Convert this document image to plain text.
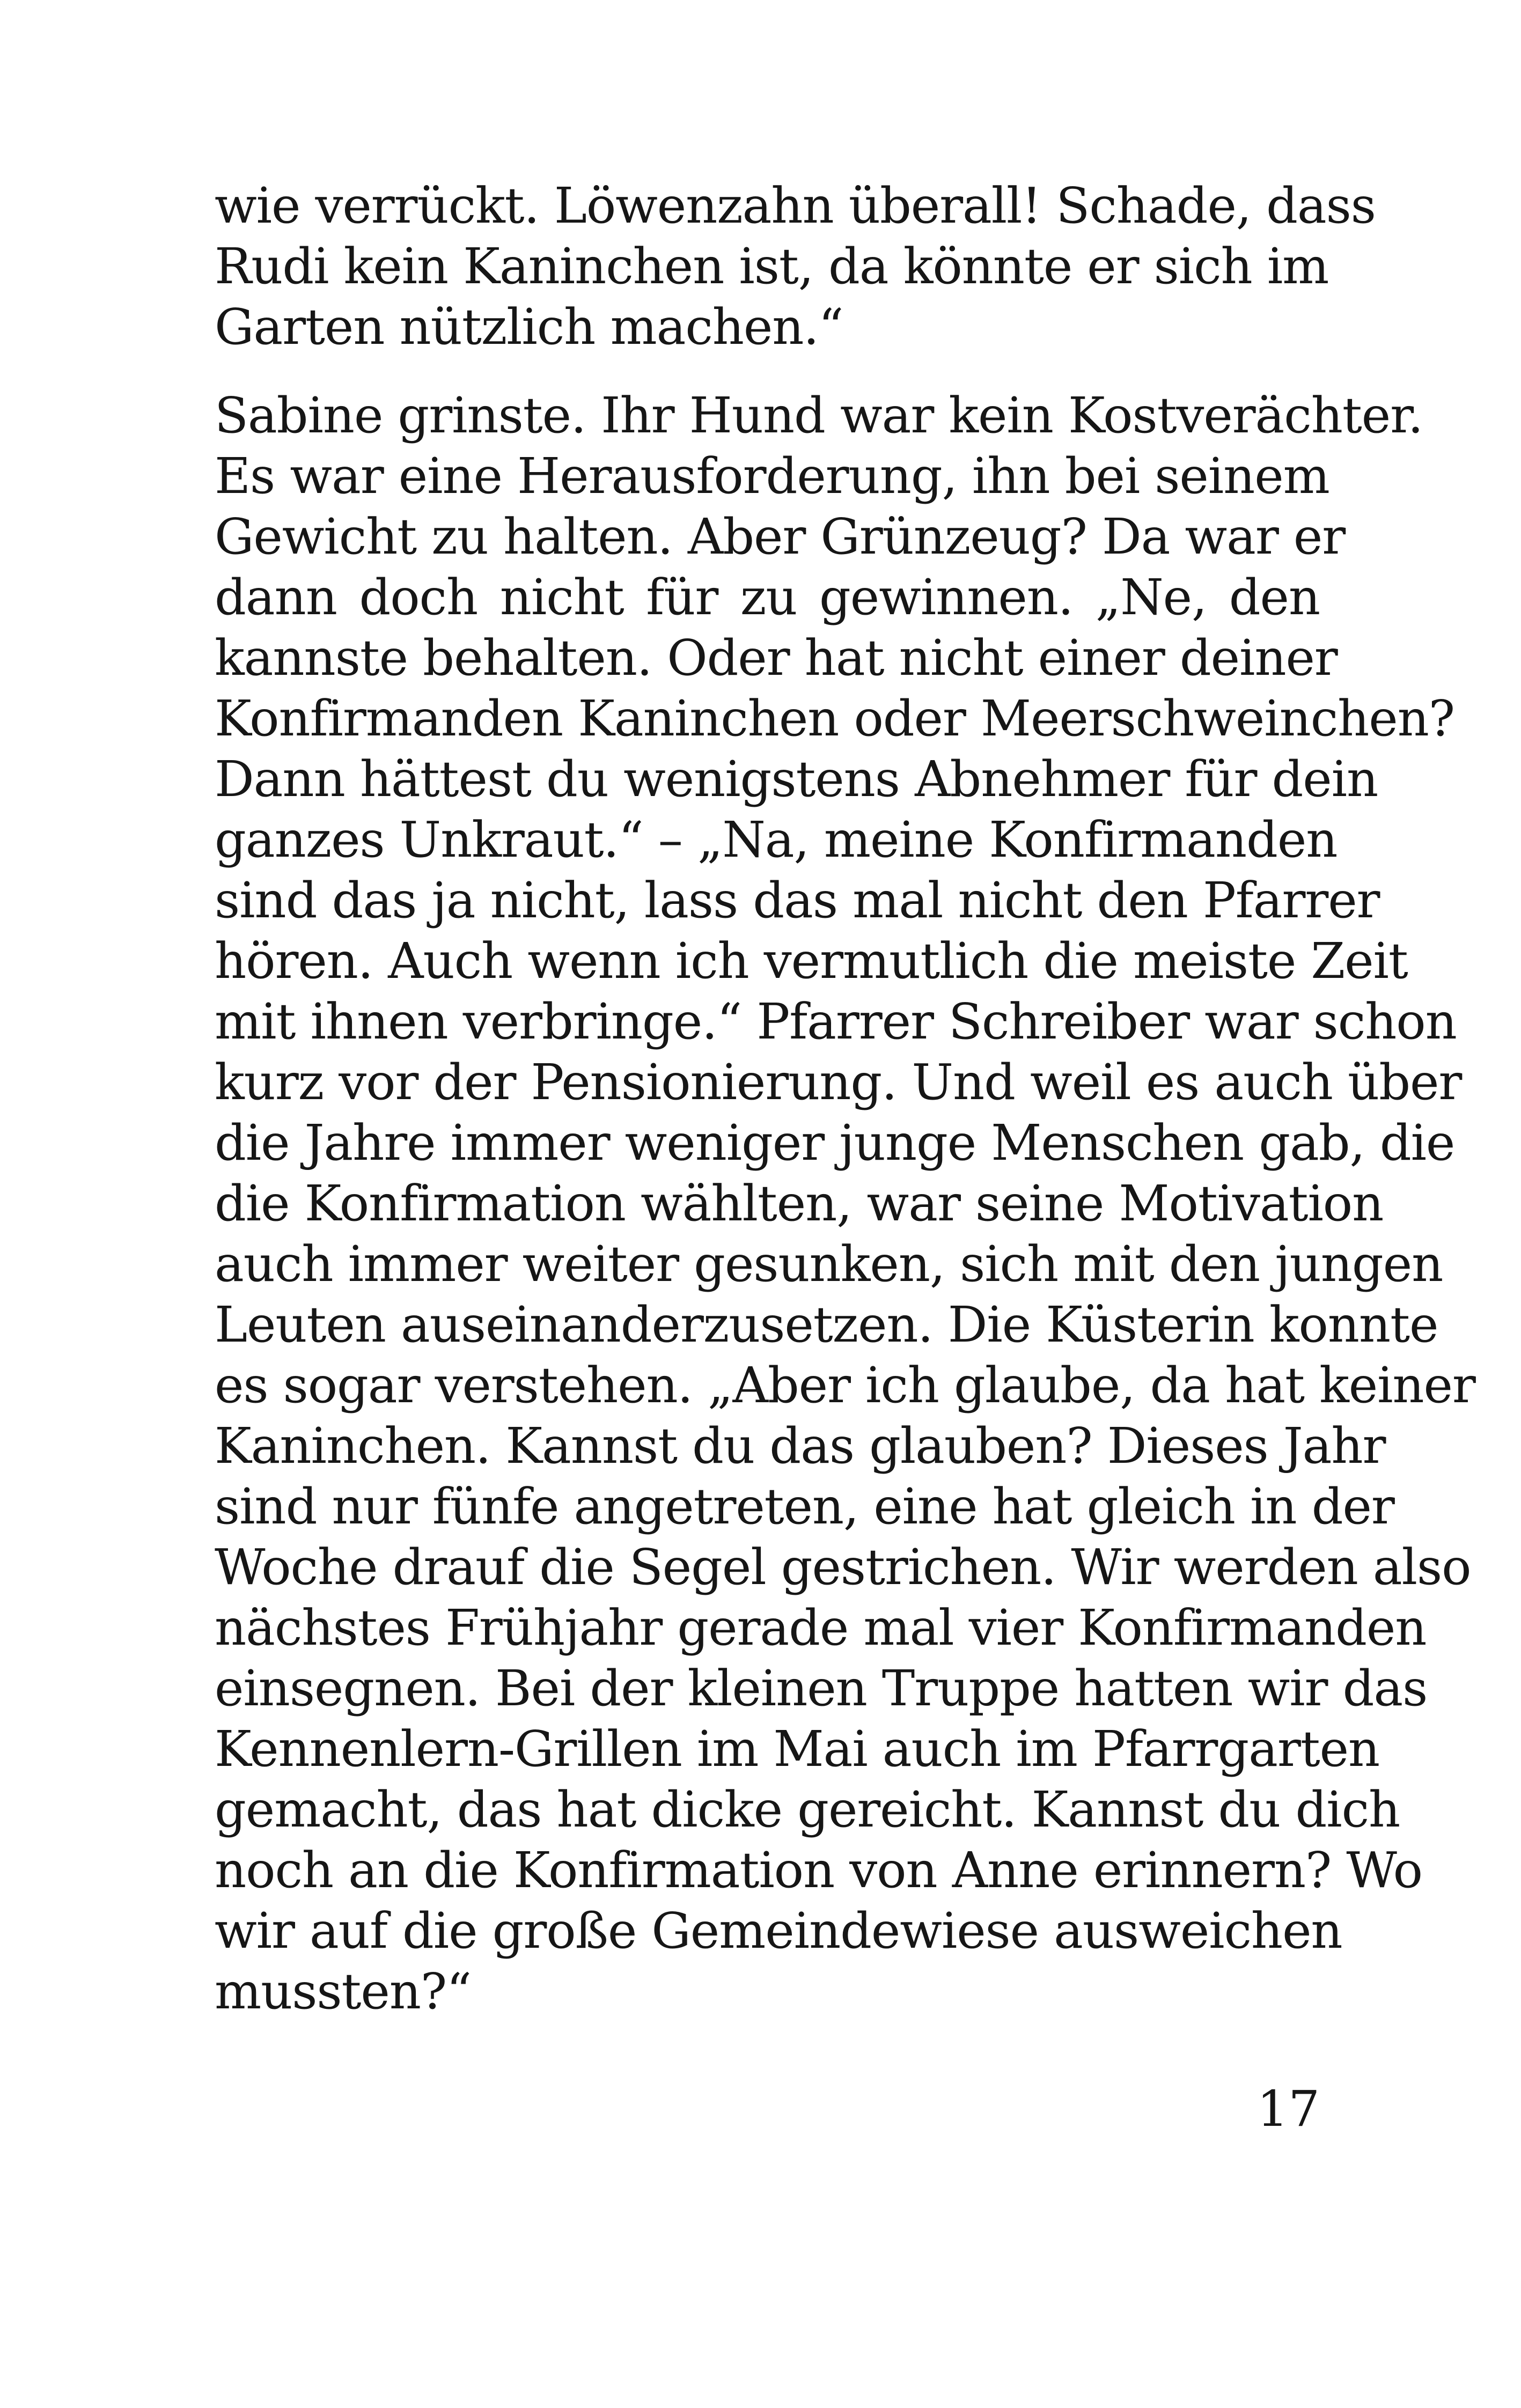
wie verrückt. Löwenzahn überall! Schade, dass
Rudi kein Kaninchen ist, da könnte er sich im
Garten nützlich machen.“
Sabine grinste. Ihr Hund war kein Kostverächter.
Es war eine Herausforderung, ihn bei seinem
Gewicht zu halten. Aber Grünzeug? Da war er
dann doch nicht für zu gewinnen. „Ne, den
kannste behalten. Oder hat nicht einer deiner
Konfirmanden Kaninchen oder Meerschweinchen?
Dann hättest du wenigstens Abnehmer für dein
ganzes Unkraut.“ – „Na, meine Konfirmanden
sind das ja nicht, lass das mal nicht den Pfarrer
hören. Auch wenn ich vermutlich die meiste Zeit
mit ihnen verbringe.“ Pfarrer Schreiber war schon
kurz vor der Pensionierung. Und weil es auch über
die Jahre immer weniger junge Menschen gab, die
die Konfirmation wählten, war seine Motivation
auch immer weiter gesunken, sich mit den jungen
Leuten auseinanderzusetzen. Die Küsterin konnte
es sogar verstehen. „Aber ich glaube, da hat keiner
Kaninchen. Kannst du das glauben? Dieses Jahr
sind nur fünfe angetreten, eine hat gleich in der
Woche drauf die Segel gestrichen. Wir werden also
nächstes Frühjahr gerade mal vier Konfirmanden
einsegnen. Bei der kleinen Truppe hatten wir das
Kennenlern-Grillen im Mai auch im Pfarrgarten
gemacht, das hat dicke gereicht. Kannst du dich
noch an die Konfirmation von Anne erinnern? Wo
wir auf die große Gemeindewiese ausweichen
mussten?“
17
